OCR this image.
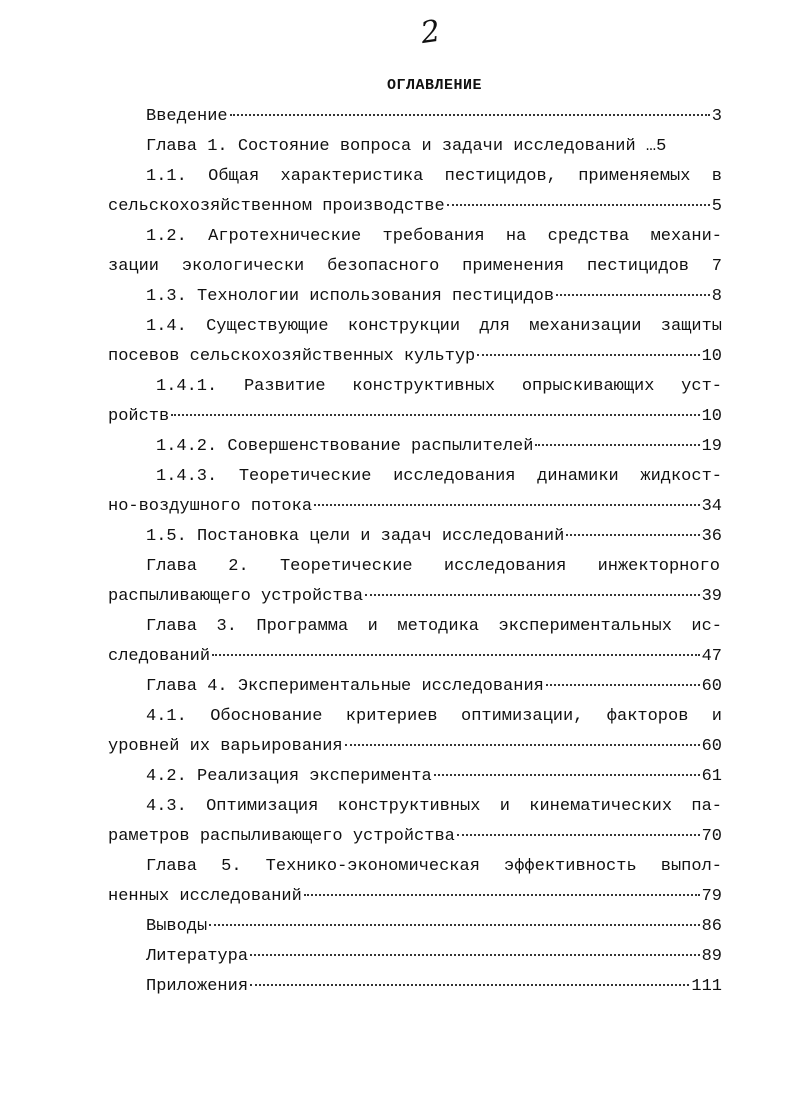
2
ОГЛАВЛЕНИЕ
Введение	3
Глава 1. Состояние вопроса и задачи исследований … 5
1.1. Общая характеристика пестицидов, применяемых в
сельскохозяйственном производстве	5
1.2. Агротехнические требования на средства механи-
зации экологически безопасного применения пестицидов 7
1.3. Технологии использования пестицидов	8
1.4. Существующие конструкции для механизации защиты
посевов сельскохозяйственных культур	10
1.4.1. Развитие конструктивных опрыскивающих уст-
ройств	10
1.4.2. Совершенствование распылителей	19
1.4.3. Теоретические исследования динамики жидкост-
но-воздушного потока	34
1.5. Постановка цели и задач исследований	36
Глава 2. Теоретические исследования инжекторного
распыливающего устройства	39
Глава 3. Программа и методика экспериментальных ис-
следований	47
Глава 4. Экспериментальные исследования	60
4.1. Обоснование критериев оптимизации, факторов и
уровней их варьирования	60
4.2. Реализация эксперимента	61
4.3. Оптимизация конструктивных и кинематических па-
раметров распыливающего устройства	70
Глава 5. Технико-экономическая эффективность выпол-
ненных исследований	79
Выводы	86
Литература	89
Приложения	111
